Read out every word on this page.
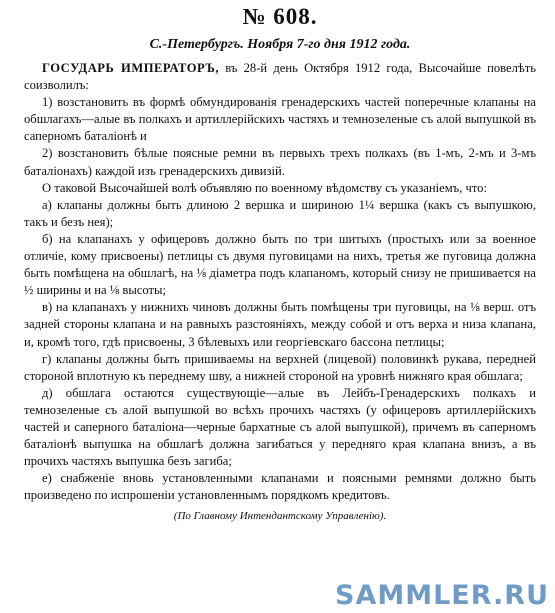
№ 608.
С.-Петербургъ. Ноября 7-го дня 1912 года.

ГОСУДАРЬ ИМПЕРАТОРЪ, въ 28-й день Октября 1912 года, Высочайше повелѣть соизволилъ:

1) возстановить въ формѣ обмундированія гренадерскихъ частей поперечные клапаны на обшлагахъ—алые въ полкахъ и артиллерійскихъ частяхъ и темнозеленые съ алой выпушкой въ саперномъ баталіонѣ и

2) возстановить бѣлые поясные ремни въ первыхъ трехъ полкахъ (въ 1-мъ, 2-мъ и 3-мъ баталіонахъ) каждой изъ гренадерскихъ дивизій.

О таковой Высочайшей волѣ объявляю по военному вѣдомству съ указаніемъ, что:

а) клапаны должны быть длиною 2 вершка и шириною 1¼ вершка (какъ съ выпушкою, такъ и безъ нея);

б) на клапанахъ у офицеровъ должно быть по три шитыхъ (простыхъ или за военное отличіе, кому присвоены) петлицы съ двумя пуговицами на нихъ, третья же пуговица должна быть помѣщена на обшлагѣ, на ⅛ діаметра подъ клапаномъ, который снизу не пришивается на ½ ширины и на ⅛ высоты;

в) на клапанахъ у нижнихъ чиновъ должны быть помѣщены три пуговицы, на ⅛ верш. отъ задней стороны клапана и на равныхъ разстояніяхъ, между собой и отъ верха и низа клапана, и, кромѣ того, гдѣ присвоены, 3 бѣлевыхъ или георгіевскаго бассона петлицы;

г) клапаны должны быть пришиваемы на верхней (лицевой) половинкѣ рукава, передней стороной вплотную къ переднему шву, а нижней стороной на уровнѣ нижняго края обшлага;

д) обшлага остаются существующіе—алые въ Лейбъ-Гренадерскихъ полкахъ и темнозеленые съ алой выпушкой во всѣхъ прочихъ частяхъ (у офицеровъ артиллерійскихъ частей и саперного баталіона—черные бархатные съ алой выпушкой), причемъ въ саперномъ баталіонѣ выпушка на обшлагѣ должна загибаться у передняго края клапана внизъ, а въ прочихъ частяхъ выпушка безъ загиба;

е) снабженіе вновь установленными клапанами и поясными ремнями должно быть произведено по испрошеніи установленнымъ порядкомъ кредитовъ.

(По Главному Интендантскому Управленію).
SAMMLER.RU
